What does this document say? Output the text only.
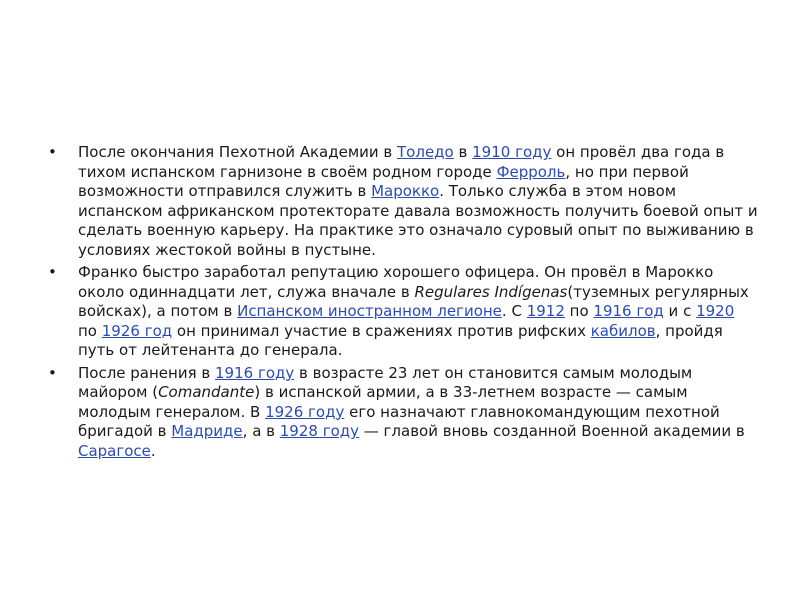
•	После окончания Пехотной Академии в Толедо в 1910 году он провёл два года в тихом испанском гарнизоне в своём родном городе Ферроль, но при первой возможности отправился служить в Марокко. Только служба в этом новом испанском африканском протекторате давала возможность получить боевой опыт и сделать военную карьеру. На практике это означало суровый опыт по выживанию в условиях жестокой войны в пустыне.
•	Франко быстро заработал репутацию хорошего офицера. Он провёл в Марокко около одиннадцати лет, служа вначале в Regulares Indígenas(туземных регулярных войсках), а потом в Испанском иностранном легионе. С 1912 по 1916 год и с 1920 по 1926 год он принимал участие в сражениях против рифских кабилов, пройдя путь от лейтенанта до генерала.
•	После ранения в 1916 году в возрасте 23 лет он становится самым молодым майором (Comandante) в испанской армии, а в 33-летнем возрасте — самым молодым генералом. В 1926 году его назначают главнокомандующим пехотной бригадой в Мадриде, а в 1928 году — главой вновь созданной Военной академии в Сарагосе.
